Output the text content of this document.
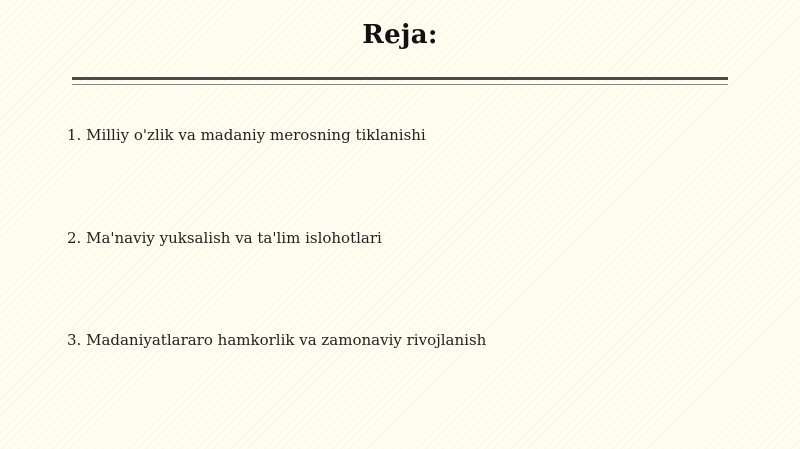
Reja:
1. Milliy o'zlik va madaniy merosning tiklanishi
2. Ma'naviy yuksalish va ta'lim islohotlari
3. Madaniyatlararo hamkorlik va zamonaviy rivojlanish
